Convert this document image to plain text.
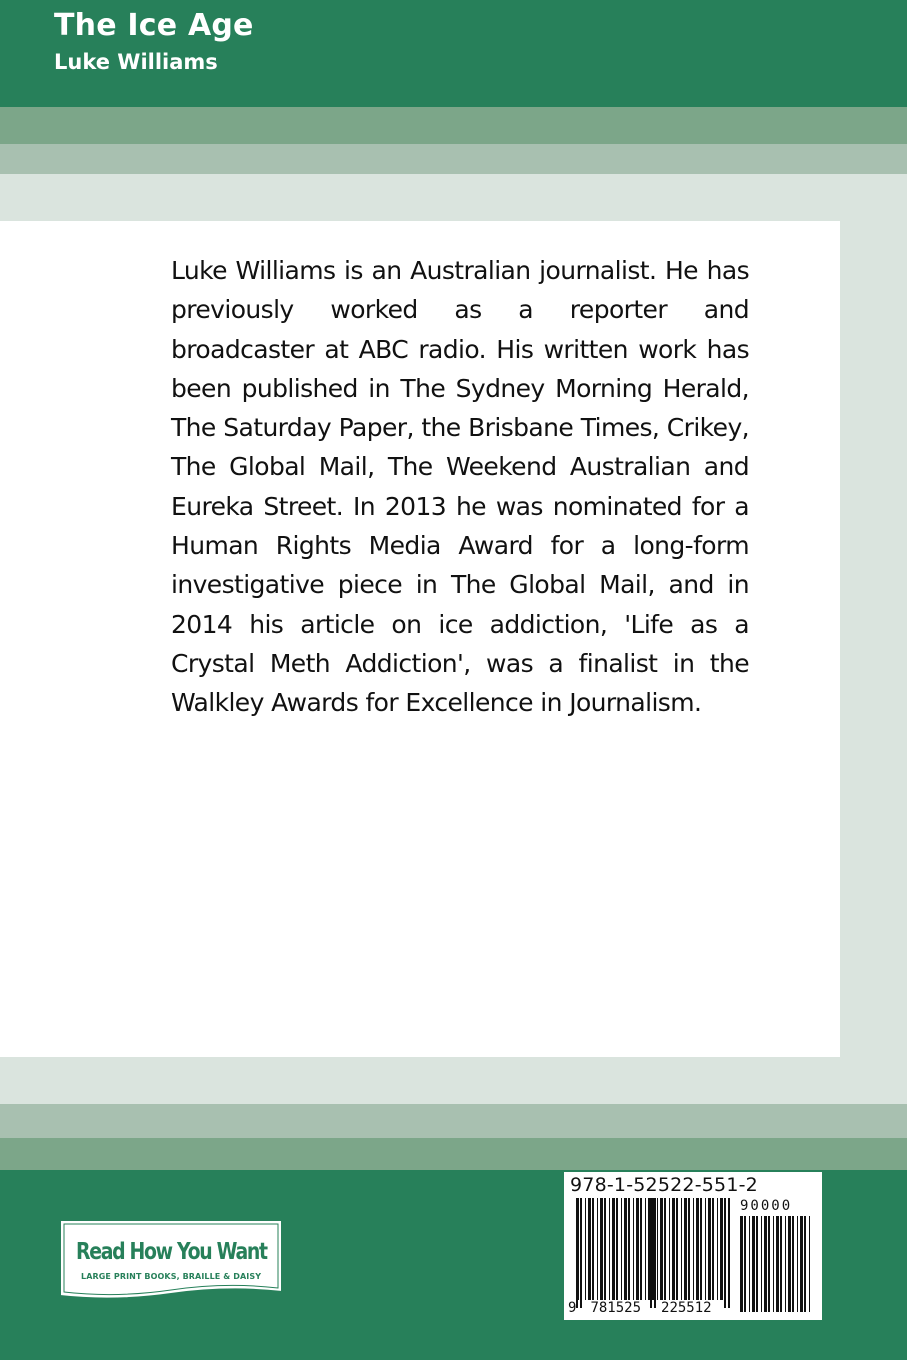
The Ice Age
Luke Williams

Luke Williams is an Australian journalist. He has previously worked as a reporter and broadcaster at ABC radio. His written work has been published in The Sydney Morning Herald, The Saturday Paper, the Brisbane Times, Crikey, The Global Mail, The Weekend Australian and Eureka Street. In 2013 he was nominated for a Human Rights Media Award for a long-form investigative piece in The Global Mail, and in 2014 his article on ice addiction, 'Life as a Crystal Meth Addiction', was a finalist in the Walkley Awards for Excellence in Journalism.

Read How You Want
LARGE PRINT BOOKS, BRAILLE & DAISY
978-1-52522-551-2
90000
9 781525 225512
